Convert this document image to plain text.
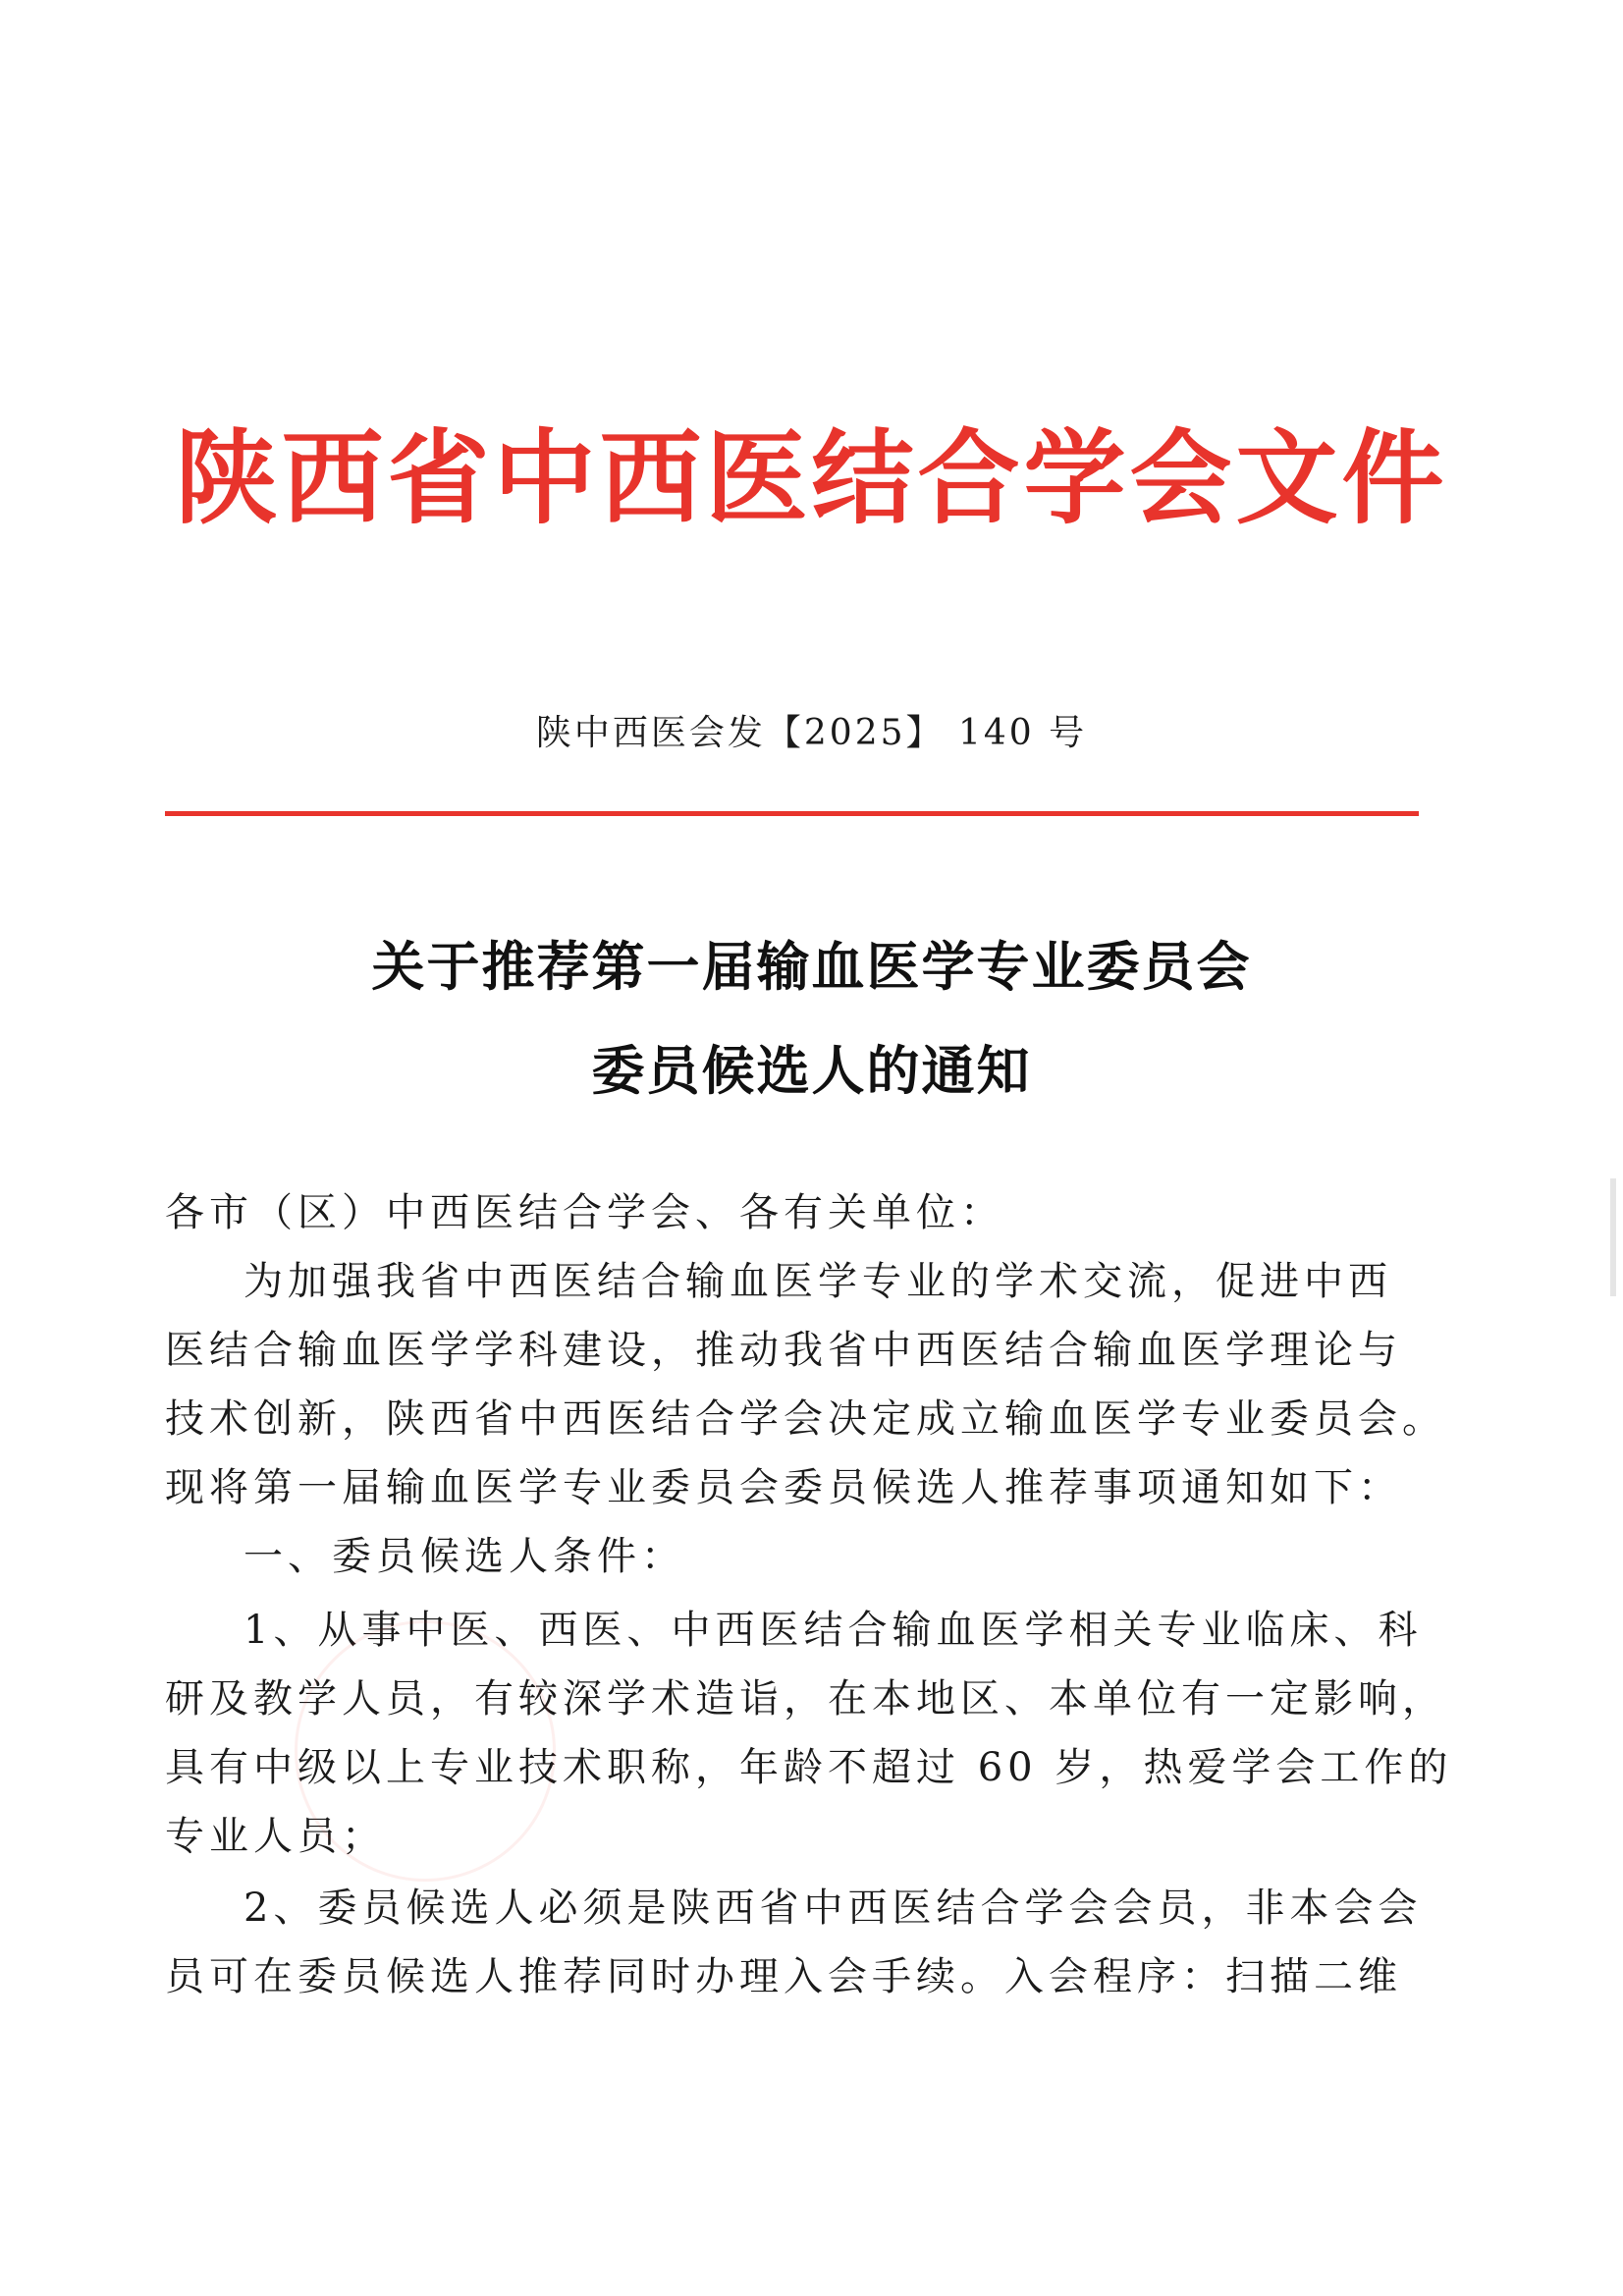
陕西省中西医结合学会文件
陕中西医会发【2025】 140 号
关于推荐第一届输血医学专业委员会
委员候选人的通知
各市（区）中西医结合学会、各有关单位：
为加强我省中西医结合输血医学专业的学术交流，促进中西
医结合输血医学学科建设，推动我省中西医结合输血医学理论与
技术创新，陕西省中西医结合学会决定成立输血医学专业委员会。
现将第一届输血医学专业委员会委员候选人推荐事项通知如下：
一、委员候选人条件：
1、从事中医、西医、中西医结合输血医学相关专业临床、科
研及教学人员，有较深学术造诣，在本地区、本单位有一定影响，
具有中级以上专业技术职称，年龄不超过 60 岁，热爱学会工作的
专业人员；
2、委员候选人必须是陕西省中西医结合学会会员，非本会会
员可在委员候选人推荐同时办理入会手续。入会程序：扫描二维
